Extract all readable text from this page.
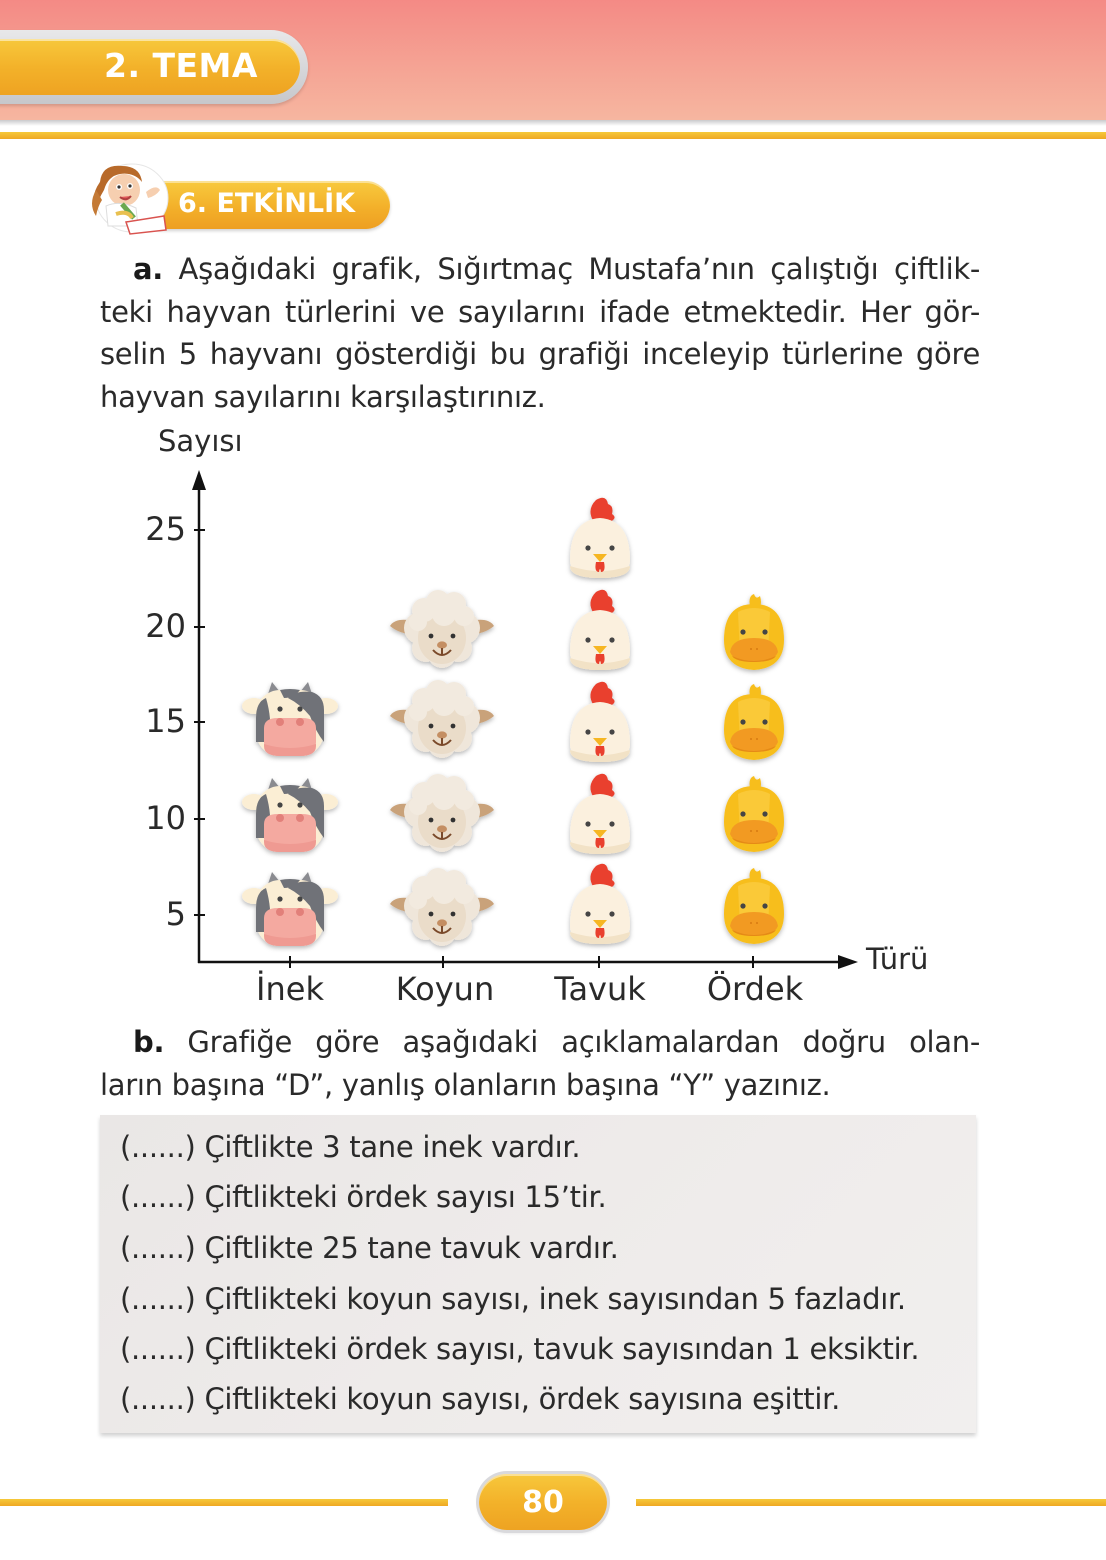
2. TEMA
6. ETKİNLİK
a. Aşağıdaki grafik, Sığırtmaç Mustafa’nın çalıştığı çiftlik-
teki hayvan türlerini ve sayılarını ifade etmektedir. Her gör-
selin 5 hayvanı gösterdiği bu grafiği inceleyip türlerine göre
hayvan sayılarını karşılaştırınız.
Sayısı
Türü
25
20
15
10
5
İnek	Koyun	Tavuk	Ördek
b. Grafiğe göre aşağıdaki açıklamalardan doğru olan-
ların başına “D”, yanlış olanların başına “Y” yazınız.
(......) Çiftlikte 3 tane inek vardır.
(......) Çiftlikteki ördek sayısı 15’tir.
(......) Çiftlikte 25 tane tavuk vardır.
(......) Çiftlikteki koyun sayısı, inek sayısından 5 fazladır.
(......) Çiftlikteki ördek sayısı, tavuk sayısından 1 eksiktir.
(......) Çiftlikteki koyun sayısı, ördek sayısına eşittir.
80
